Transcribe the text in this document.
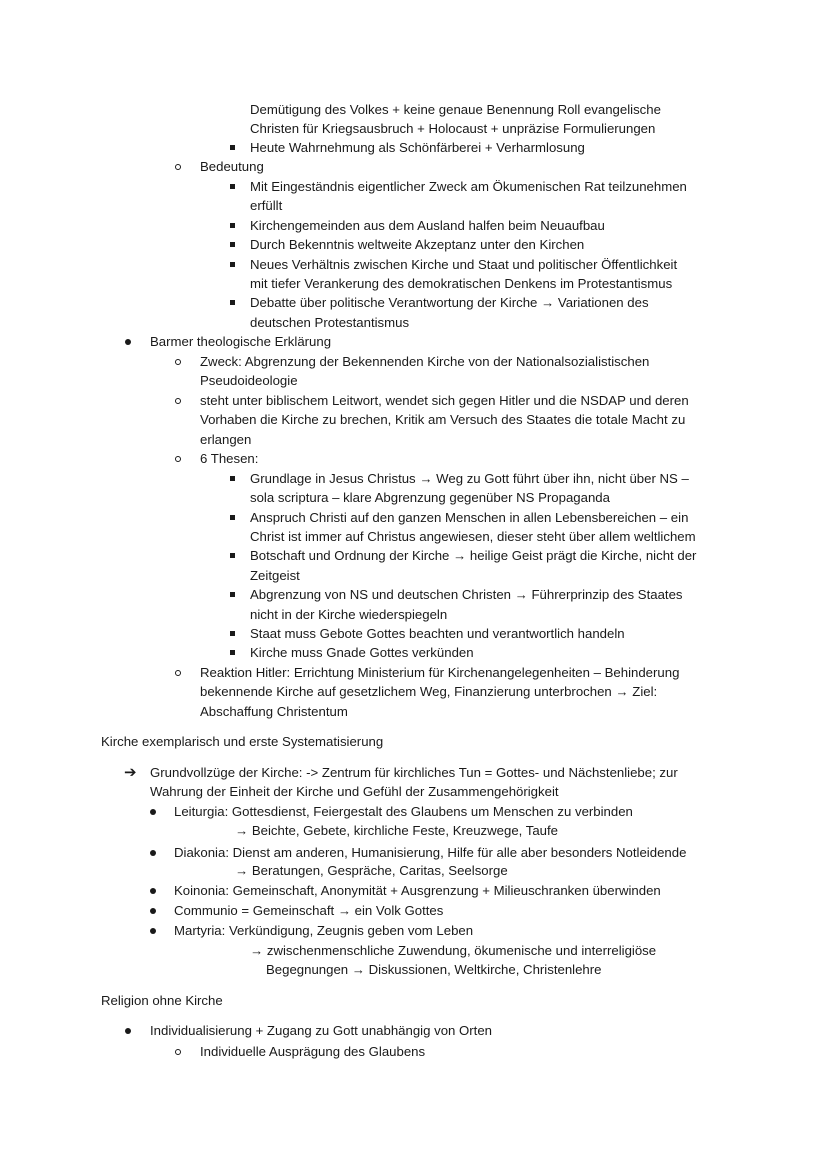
Demütigung des Volkes + keine genaue Benennung Roll evangelische
Christen für Kriegsausbruch + Holocaust + unpräzise Formulierungen
Heute Wahrnehmung als Schönfärberei + Verharmlosung
Bedeutung
Mit Eingeständnis eigentlicher Zweck am Ökumenischen Rat teilzunehmen
erfüllt
Kirchengemeinden aus dem Ausland halfen beim Neuaufbau
Durch Bekenntnis weltweite Akzeptanz unter den Kirchen
Neues Verhältnis zwischen Kirche und Staat und politischer Öffentlichkeit
mit tiefer Verankerung des demokratischen Denkens im Protestantismus
Debatte über politische Verantwortung der Kirche → Variationen des
deutschen Protestantismus
Barmer theologische Erklärung
Zweck: Abgrenzung der Bekennenden Kirche von der Nationalsozialistischen
Pseudoideologie
steht unter biblischem Leitwort, wendet sich gegen Hitler und die NSDAP und deren
Vorhaben die Kirche zu brechen, Kritik am Versuch des Staates die totale Macht zu
erlangen
6 Thesen:
Grundlage in Jesus Christus → Weg zu Gott führt über ihn, nicht über NS –
sola scriptura – klare Abgrenzung gegenüber NS Propaganda
Anspruch Christi auf den ganzen Menschen in allen Lebensbereichen – ein
Christ ist immer auf Christus angewiesen, dieser steht über allem weltlichem
Botschaft und Ordnung der Kirche → heilige Geist prägt die Kirche, nicht der
Zeitgeist
Abgrenzung von NS und deutschen Christen → Führerprinzip des Staates
nicht in der Kirche wiederspiegeln
Staat muss Gebote Gottes beachten und verantwortlich handeln
Kirche muss Gnade Gottes verkünden
Reaktion Hitler: Errichtung Ministerium für Kirchenangelegenheiten – Behinderung
bekennende Kirche auf gesetzlichem Weg, Finanzierung unterbrochen → Ziel:
Abschaffung Christentum
Kirche exemplarisch und erste Systematisierung
➔ Grundvollzüge der Kirche: -> Zentrum für kirchliches Tun = Gottes- und Nächstenliebe; zur
Wahrung der Einheit der Kirche und Gefühl der Zusammengehörigkeit
Leiturgia: Gottesdienst, Feiergestalt des Glaubens um Menschen zu verbinden
→ Beichte, Gebete, kirchliche Feste, Kreuzwege, Taufe
Diakonia: Dienst am anderen, Humanisierung, Hilfe für alle aber besonders Notleidende
→ Beratungen, Gespräche, Caritas, Seelsorge
Koinonia: Gemeinschaft, Anonymität + Ausgrenzung + Milieuschranken überwinden
Communio = Gemeinschaft → ein Volk Gottes
Martyria: Verkündigung, Zeugnis geben vom Leben
→ zwischenmenschliche Zuwendung, ökumenische und interreligiöse
Begegnungen → Diskussionen, Weltkirche, Christenlehre
Religion ohne Kirche
Individualisierung + Zugang zu Gott unabhängig von Orten
Individuelle Ausprägung des Glaubens
